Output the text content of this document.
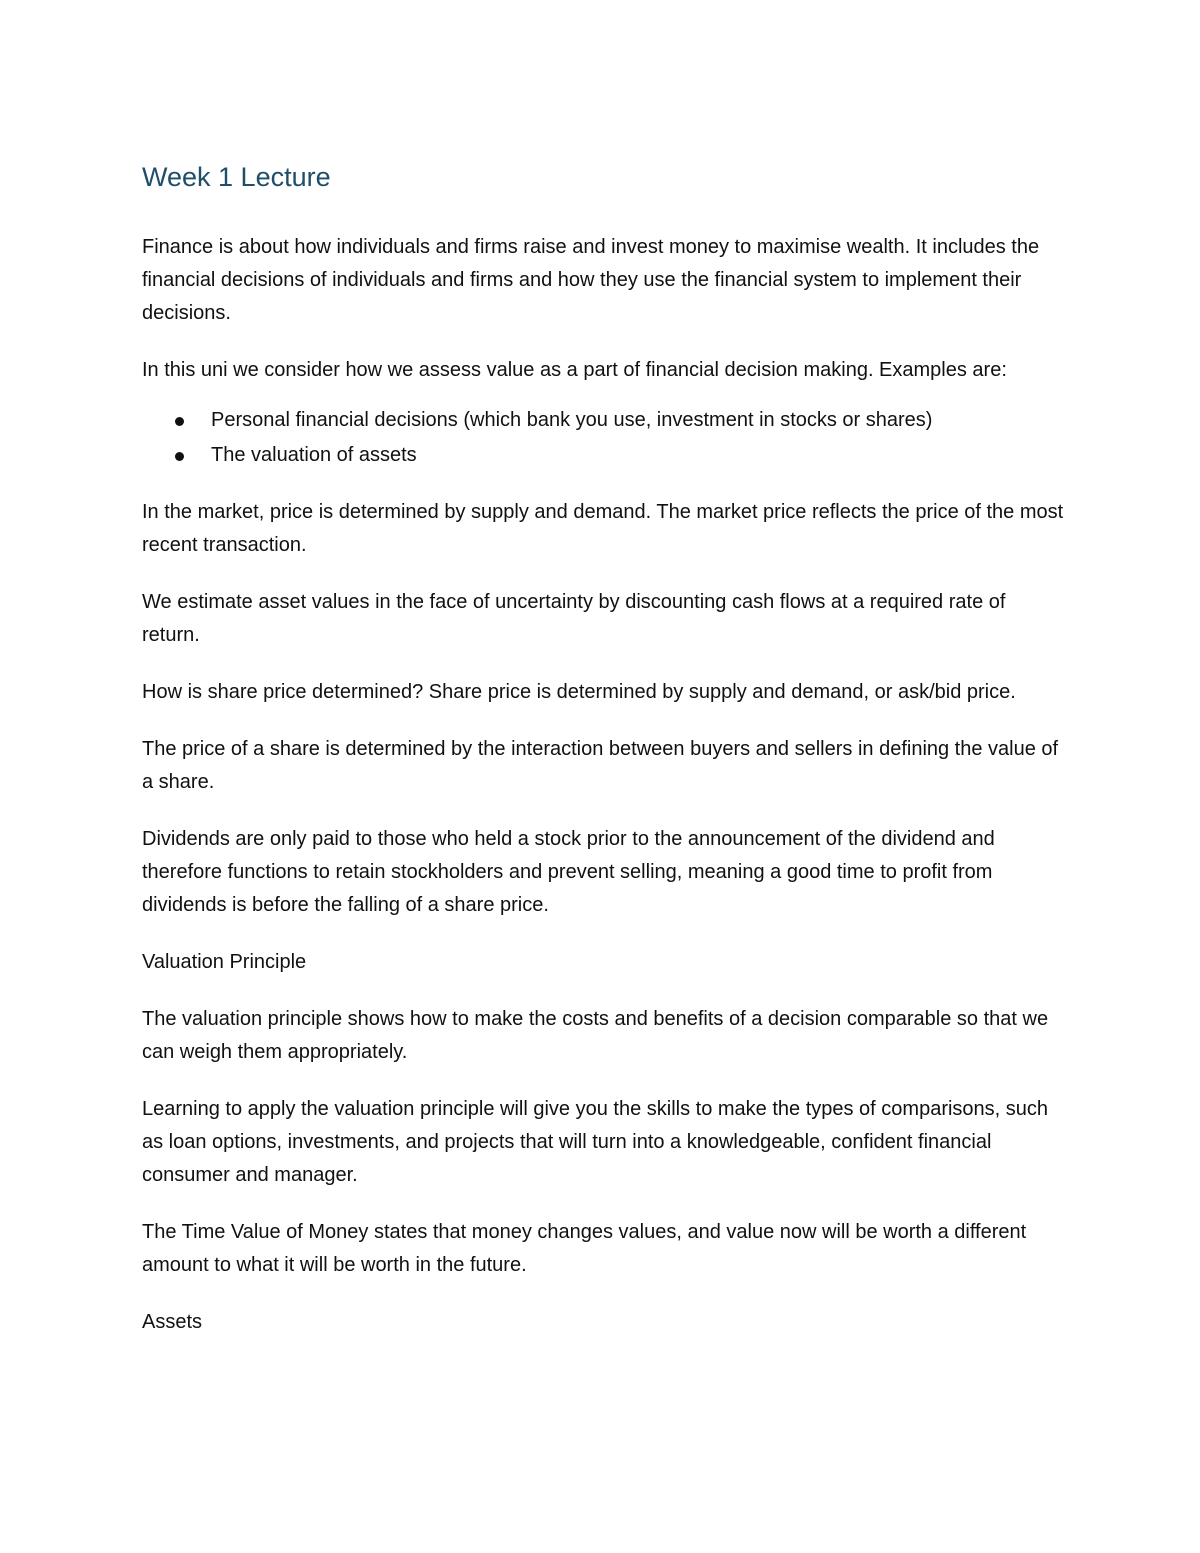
Week 1 Lecture

Finance is about how individuals and firms raise and invest money to maximise wealth. It includes the financial decisions of individuals and firms and how they use the financial system to implement their decisions.

In this uni we consider how we assess value as a part of financial decision making. Examples are:

Personal financial decisions (which bank you use, investment in stocks or shares)
The valuation of assets

In the market, price is determined by supply and demand. The market price reflects the price of the most recent transaction.

We estimate asset values in the face of uncertainty by discounting cash flows at a required rate of return.

How is share price determined? Share price is determined by supply and demand, or ask/bid price.

The price of a share is determined by the interaction between buyers and sellers in defining the value of a share.

Dividends are only paid to those who held a stock prior to the announcement of the dividend and therefore functions to retain stockholders and prevent selling, meaning a good time to profit from dividends is before the falling of a share price.

Valuation Principle

The valuation principle shows how to make the costs and benefits of a decision comparable so that we can weigh them appropriately.

Learning to apply the valuation principle will give you the skills to make the types of comparisons, such as loan options, investments, and projects that will turn into a knowledgeable, confident financial consumer and manager.

The Time Value of Money states that money changes values, and value now will be worth a different amount to what it will be worth in the future.

Assets
